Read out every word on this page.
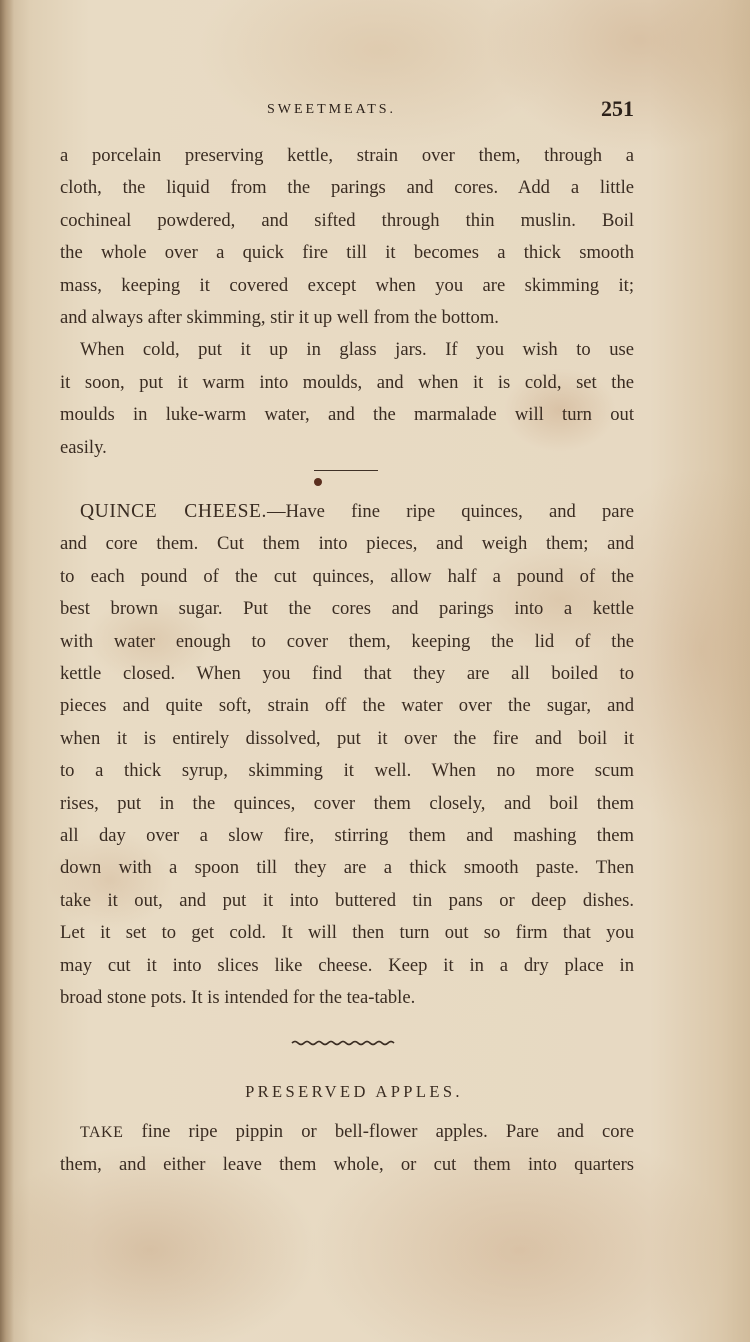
SWEETMEATS.	251

a porcelain preserving kettle, strain over them, through a
cloth, the liquid from the parings and cores. Add a little
cochineal powdered, and sifted through thin muslin. Boil
the whole over a quick fire till it becomes a thick smooth
mass, keeping it covered except when you are skimming it;
and always after skimming, stir it up well from the bottom.

When cold, put it up in glass jars. If you wish to use
it soon, put it warm into moulds, and when it is cold, set the
moulds in luke-warm water, and the marmalade will turn out
easily.

QUINCE CHEESE.—Have fine ripe quinces, and pare
and core them. Cut them into pieces, and weigh them; and
to each pound of the cut quinces, allow half a pound of the
best brown sugar. Put the cores and parings into a kettle
with water enough to cover them, keeping the lid of the
kettle closed. When you find that they are all boiled to
pieces and quite soft, strain off the water over the sugar, and
when it is entirely dissolved, put it over the fire and boil it
to a thick syrup, skimming it well. When no more scum
rises, put in the quinces, cover them closely, and boil them
all day over a slow fire, stirring them and mashing them
down with a spoon till they are a thick smooth paste. Then
take it out, and put it into buttered tin pans or deep dishes.
Let it set to get cold. It will then turn out so firm that you
may cut it into slices like cheese. Keep it in a dry place in
broad stone pots. It is intended for the tea-table.

PRESERVED APPLES.

TAKE fine ripe pippin or bell-flower apples. Pare and core
them, and either leave them whole, or cut them into quarters
